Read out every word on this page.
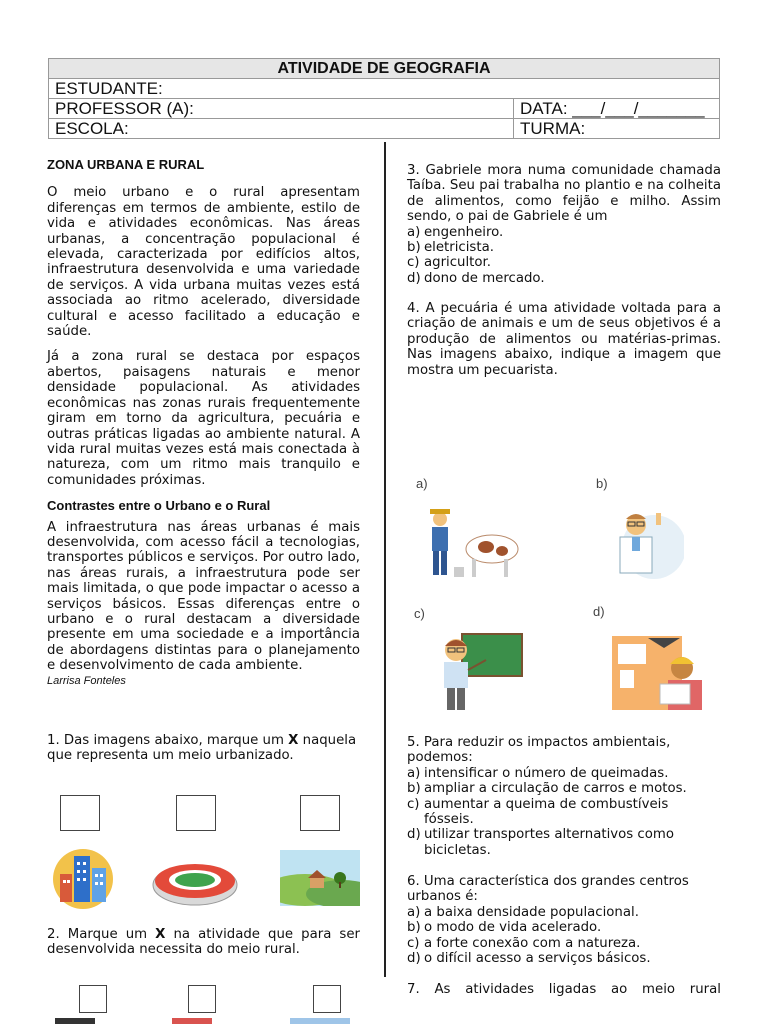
ATIVIDADE DE GEOGRAFIA	
ESTUDANTE:	
PROFESSOR (A):	DATA: ___/___/_______
ESCOLA:	TURMA:

ZONA URBANA E RURAL

O meio urbano e o rural apresentam diferenças em termos de ambiente, estilo de vida e atividades econômicas. Nas áreas urbanas, a concentração populacional é elevada, caracterizada por edifícios altos, infraestrutura desenvolvida e uma variedade de serviços. A vida urbana muitas vezes está associada ao ritmo acelerado, diversidade cultural e acesso facilitado a educação e saúde.

Já a zona rural se destaca por espaços abertos, paisagens naturais e menor densidade populacional. As atividades econômicas nas zonas rurais frequentemente giram em torno da agricultura, pecuária e outras práticas ligadas ao ambiente natural. A vida rural muitas vezes está mais conectada à natureza, com um ritmo mais tranquilo e comunidades próximas.

Contrastes entre o Urbano e o Rural

A infraestrutura nas áreas urbanas é mais desenvolvida, com acesso fácil a tecnologias, transportes públicos e serviços. Por outro lado, nas áreas rurais, a infraestrutura pode ser mais limitada, o que pode impactar o acesso a serviços básicos. Essas diferenças entre o urbano e o rural destacam a diversidade presente em uma sociedade e a importância de abordagens distintas para o planejamento e desenvolvimento de cada ambiente.

Larrisa Fonteles

1. Das imagens abaixo, marque um X naquela que representa um meio urbanizado.

2. Marque um X na atividade que para ser desenvolvida necessita do meio rural.

3. Gabriele mora numa comunidade chamada Taíba. Seu pai trabalha no plantio e na colheita de alimentos, como feijão e milho. Assim sendo, o pai de Gabriele é um

a) engenheiro.
b) eletricista.
c) agricultor.
d) dono de mercado.

4. A pecuária é uma atividade voltada para a criação de animais e um de seus objetivos é a produção de alimentos ou matérias-primas. Nas imagens abaixo, indique a imagem que mostra um pecuarista.

a)	b)
c)	d)

5. Para reduzir os impactos ambientais, podemos:

a) intensificar o número de queimadas.
b) ampliar a circulação de carros e motos.
c) aumentar a queima de combustíveis fósseis.
d) utilizar transportes alternativos como bicicletas.

6. Uma característica dos grandes centros urbanos é:

a) a baixa densidade populacional.
b) o modo de vida acelerado.
c) a forte conexão com a natureza.
d) o difícil acesso a serviços básicos.

7. As atividades ligadas ao meio rural
